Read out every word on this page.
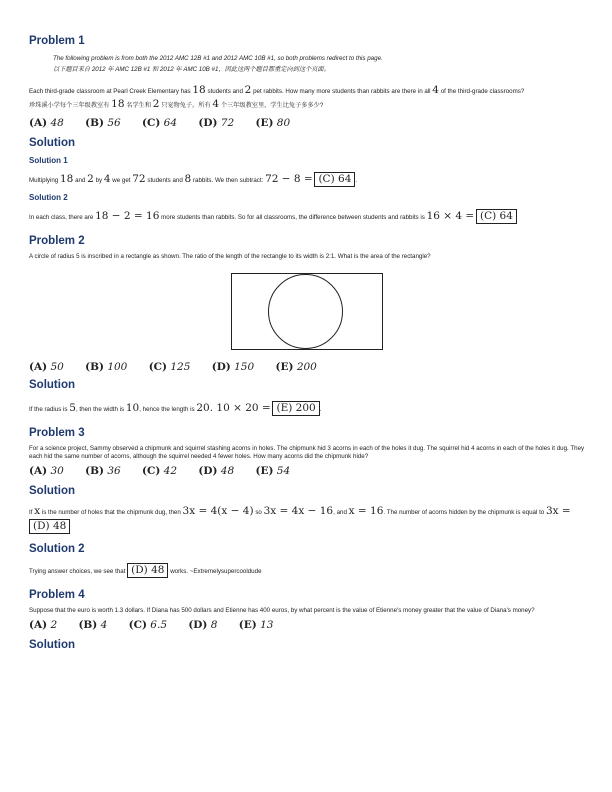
Problem 1

The following problem is from both the 2012 AMC 12B #1 and 2012 AMC 10B #1, so both problems redirect to this page.

以下题目来自 2012 年 AMC 12B #1 和 2012 年 AMC 10B #1，因此这两个题目都重定向到这个页面。

Each third-grade classroom at Pearl Creek Elementary has 18 students and 2 pet rabbits. How many more students than rabbits are there in all 4 of the third-grade classrooms?

珍珠溪小学每个三年级教室有 18 名学生和 2 只宠物兔子。所有 4 个三年级教室里，学生比兔子多多少?

(A) 48 (B) 56 (C) 64 (D) 72 (E) 80
Solution
Solution 1

Multiplying 18 and 2 by 4 we get 72 students and 8 rabbits. We then subtract: 72 − 8 = (C) 64 .

Solution 2

In each class, there are 18 − 2 = 16 more students than rabbits. So for all classrooms, the difference between students and rabbits is 16 × 4 = (C) 64

Problem 2

A circle of radius 5 is inscribed in a rectangle as shown. The ratio of the length of the rectangle to its width is 2:1. What is the area of the rectangle?

(A) 50 (B) 100 (C) 125 (D) 150 (E) 200
Solution

If the radius is 5, then the width is 10, hence the length is 20. 10 × 20 = (E) 200 .

Problem 3

For a science project, Sammy observed a chipmunk and squirrel stashing acorns in holes. The chipmunk hid 3 acorns in each of the holes it dug. The squirrel hid 4 acorns in each of the holes it dug. They each hid the same number of acorns, although the squirrel needed 4 fewer holes. How many acorns did the chipmunk hide?

(A) 30 (B) 36 (C) 42 (D) 48 (E) 54
Solution

If x is the number of holes that the chipmunk dug, then 3x = 4(x − 4) so 3x = 4x − 16, and x = 16. The number of acorns hidden by the chipmunk is equal to 3x = (D) 48

Solution 2

Trying answer choices, we see that (D) 48 works. ~Extremelysupercooldude

Problem 4

Suppose that the euro is worth 1.3 dollars. If Diana has 500 dollars and Etienne has 400 euros, by what percent is the value of Etienne's money greater that the value of Diana's money?

(A) 2 (B) 4 (C) 6.5 (D) 8 (E) 13
Solution
